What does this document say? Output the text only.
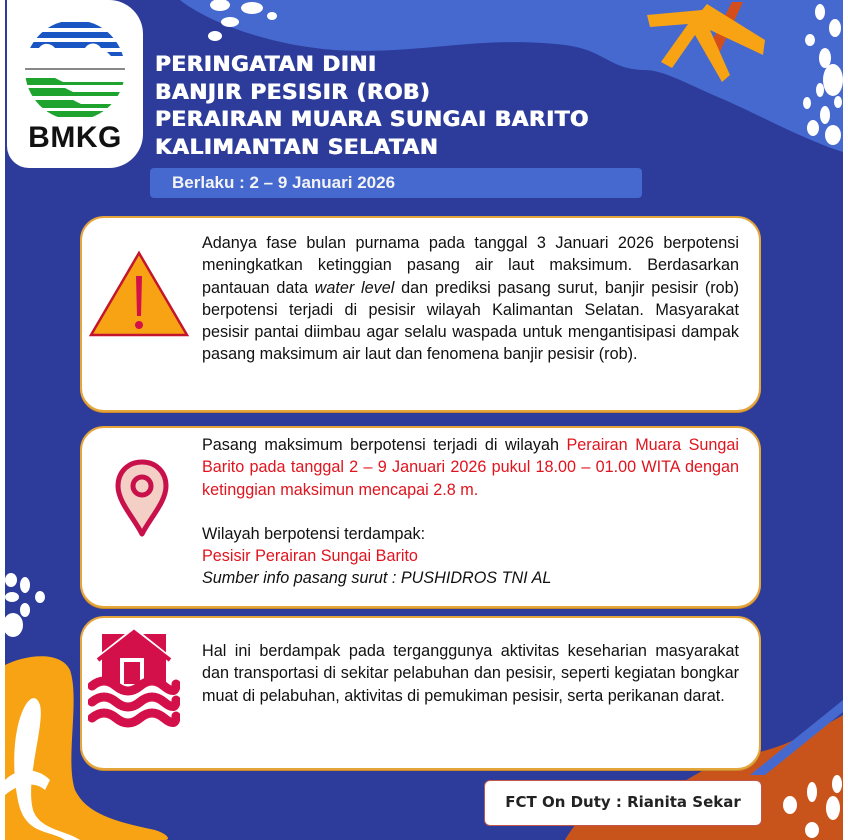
BMKG
PERINGATAN DINI
BANJIR PESISIR (ROB)
PERAIRAN MUARA SUNGAI BARITO
KALIMANTAN SELATAN
Berlaku : 2 – 9 Januari 2026

Adanya fase bulan purnama pada tanggal 3 Januari 2026 berpotensi meningkatkan ketinggian pasang air laut maksimum. Berdasarkan pantauan data water level dan prediksi pasang surut, banjir pesisir (rob) berpotensi terjadi di pesisir wilayah Kalimantan Selatan. Masyarakat pesisir pantai diimbau agar selalu waspada untuk mengantisipasi dampak pasang maksimum air laut dan fenomena banjir pesisir (rob).

Pasang maksimum berpotensi terjadi di wilayah Perairan Muara Sungai Barito pada tanggal 2 – 9 Januari 2026 pukul 18.00 – 01.00 WITA dengan ketinggian maksimun mencapai 2.8 m.

Wilayah berpotensi terdampak:

Pesisir Perairan Sungai Barito

Sumber info pasang surut : PUSHIDROS TNI AL

Hal ini berdampak pada terganggunya aktivitas keseharian masyarakat dan transportasi di sekitar pelabuhan dan pesisir, seperti kegiatan bongkar muat di pelabuhan, aktivitas di pemukiman pesisir, serta perikanan darat.
FCT On Duty : Rianita Sekar
